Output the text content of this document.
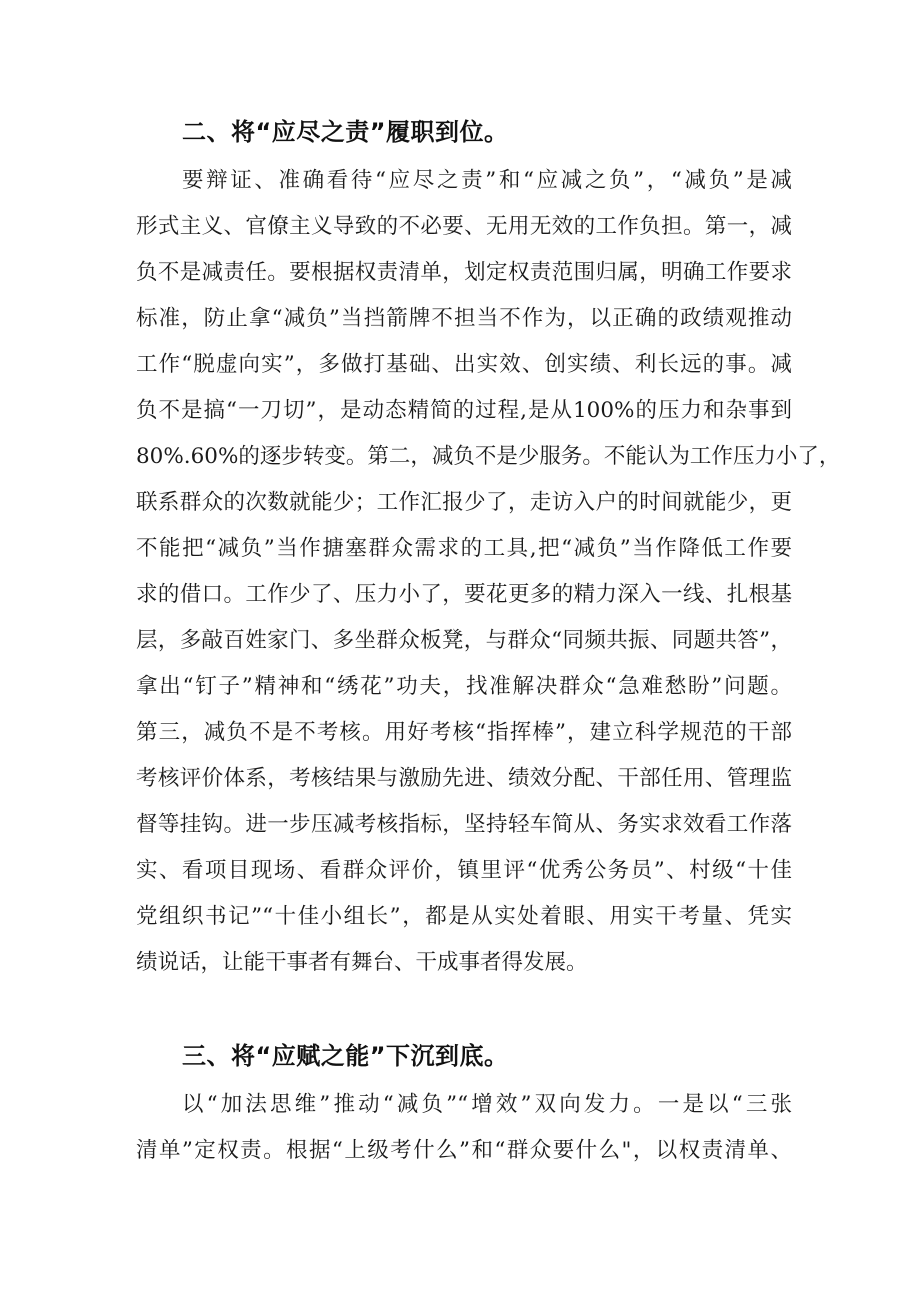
二、将“应尽之责”履职到位。
要辩证、准确看待“应尽之责”和“应减之负”，“减负”是减
形式主义、官僚主义导致的不必要、无用无效的工作负担。第一，减
负不是减责任。要根据权责清单，划定权责范围归属，明确工作要求
标准，防止拿“减负”当挡箭牌不担当不作为，以正确的政绩观推动
工作“脱虚向实”，多做打基础、出实效、创实绩、利长远的事。减
负不是搞“一刀切”，是动态精简的过程,是从100%的压力和杂事到
80%.60%的逐步转变。第二，减负不是少服务。不能认为工作压力小了，
联系群众的次数就能少；工作汇报少了，走访入户的时间就能少，更
不能把“减负”当作搪塞群众需求的工具,把“减负”当作降低工作要
求的借口。工作少了、压力小了，要花更多的精力深入一线、扎根基
层，多敲百姓家门、多坐群众板凳，与群众“同频共振、同题共答”，
拿出“钉子”精神和“绣花”功夫，找准解决群众“急难愁盼”问题。
第三，减负不是不考核。用好考核“指挥棒”，建立科学规范的干部
考核评价体系，考核结果与激励先进、绩效分配、干部任用、管理监
督等挂钩。进一步压减考核指标，坚持轻车简从、务实求效看工作落
实、看项目现场、看群众评价，镇里评“优秀公务员”、村级“十佳
党组织书记”“十佳小组长”，都是从实处着眼、用实干考量、凭实
绩说话，让能干事者有舞台、干成事者得发展。
三、将“应赋之能”下沉到底。
以“加法思维”推动“减负”“增效”双向发力。一是以“三张
清单”定权责。根据“上级考什么”和“群众要什么"，以权责清单、
